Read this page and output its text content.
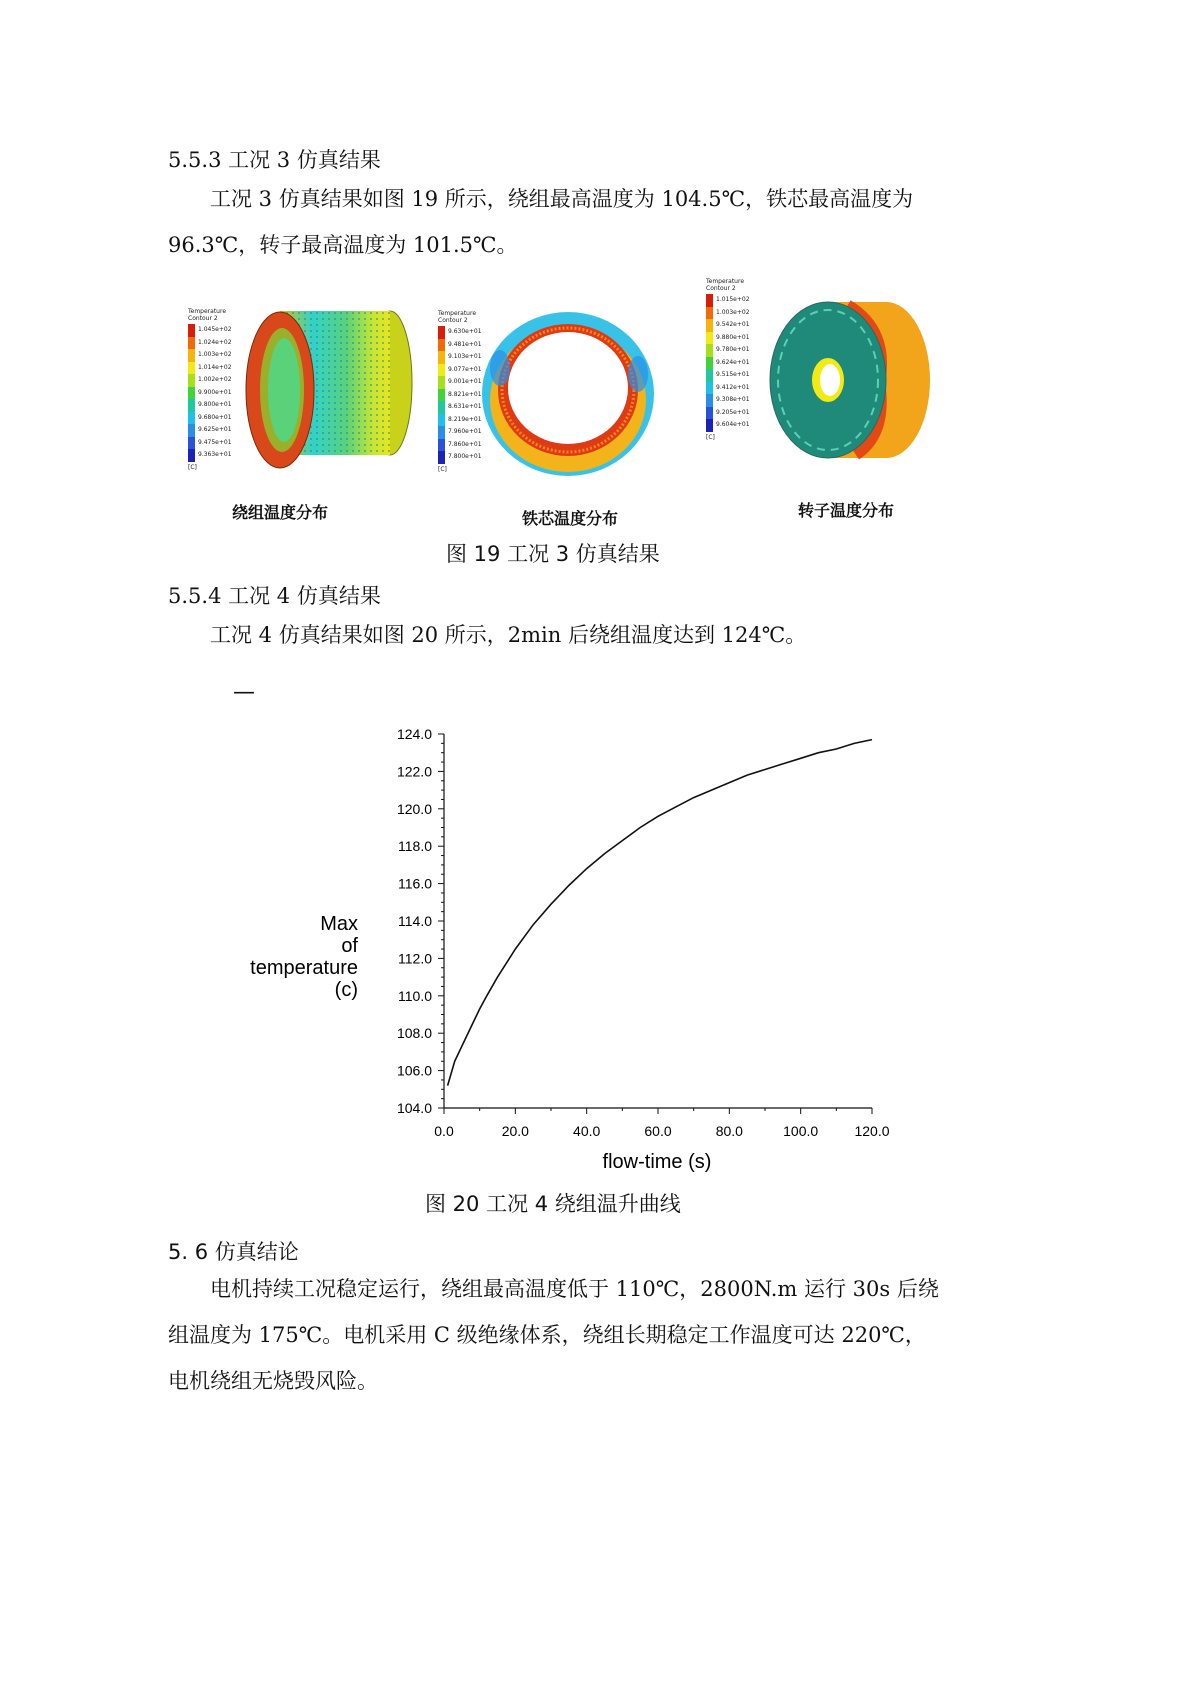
5.5.3 工况 3 仿真结果
工况 3 仿真结果如图 19 所示，绕组最高温度为 104.5℃，铁芯最高温度为
96.3℃，转子最高温度为 101.5℃。
Temperature
Contour 2
1.045e+02
1.024e+02
1.003e+02
1.014e+02
1.002e+02
9.900e+01
9.800e+01
9.680e+01
9.625e+01
9.475e+01
9.363e+01
[C]
绕组温度分布
Temperature
Contour 2
9.630e+01
9.481e+01
9.103e+01
9.077e+01
9.001e+01
8.821e+01
8.631e+01
8.219e+01
7.960e+01
7.860e+01
7.800e+01
[C]
铁芯温度分布
Temperature
Contour 2
1.015e+02
1.003e+02
9.542e+01
9.880e+01
9.780e+01
9.624e+01
9.515e+01
9.412e+01
9.308e+01
9.205e+01
9.604e+01
[C]
转子温度分布
图 19 工况 3 仿真结果
5.5.4 工况 4 仿真结果
工况 4 仿真结果如图 20 所示，2min 后绕组温度达到 124℃。
—
Max
of
temperature
(c)
104.0
106.0
108.0
110.0
112.0
114.0
116.0
118.0
120.0
122.0
124.0
0.0	20.0	40.0	60.0	80.0	100.0	120.0
flow-time (s)
图 20 工况 4 绕组温升曲线
5. 6 仿真结论
电机持续工况稳定运行，绕组最高温度低于 110℃，2800N.m 运行 30s 后绕
组温度为 175℃。电机采用 C 级绝缘体系，绕组长期稳定工作温度可达 220℃，
电机绕组无烧毁风险。
